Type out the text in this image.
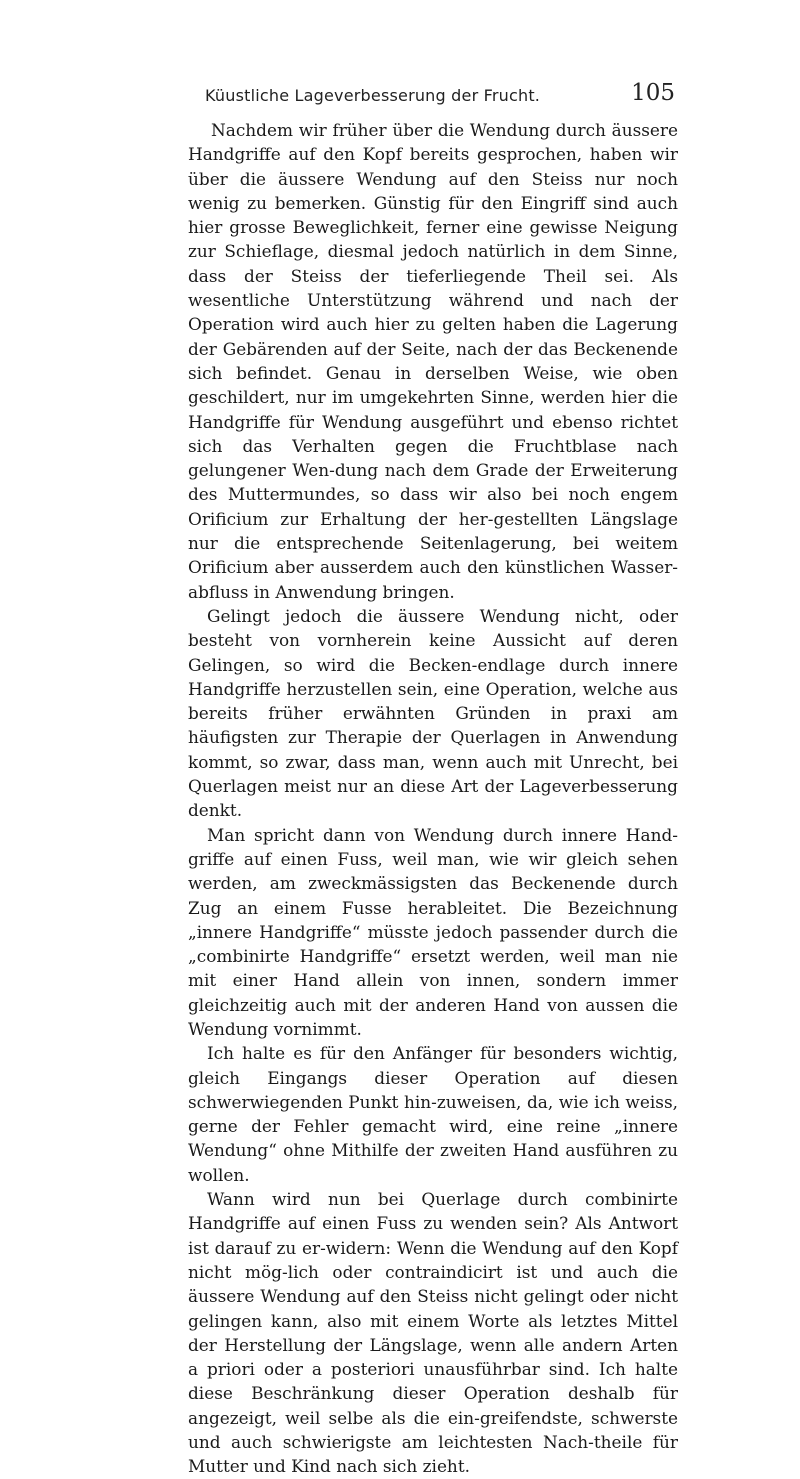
Küustliche Lageverbesserung der Frucht.	105

Nachdem wir früher über die Wendung durch äussere Handgriffe auf den Kopf bereits gesprochen, haben wir über die äussere Wendung auf den Steiss nur noch wenig zu bemerken. Günstig für den Eingriff sind auch hier grosse Beweglichkeit, ferner eine gewisse Neigung zur Schieflage, diesmal jedoch natürlich in dem Sinne, dass der Steiss der tieferliegende Theil sei. Als wesentliche Unterstützung während und nach der Operation wird auch hier zu gelten haben die Lagerung der Gebärenden auf der Seite, nach der das Beckenende sich befindet. Genau in derselben Weise, wie oben geschildert, nur im umgekehrten Sinne, werden hier die Handgriffe für Wendung ausgeführt und ebenso richtet sich das Verhalten gegen die Fruchtblase nach gelungener Wen-dung nach dem Grade der Erweiterung des Muttermundes, so dass wir also bei noch engem Orificium zur Erhaltung der her-gestellten Längslage nur die entsprechende Seitenlagerung, bei weitem Orificium aber ausserdem auch den künstlichen Wasser-abfluss in Anwendung bringen.

Gelingt jedoch die äussere Wendung nicht, oder besteht von vornherein keine Aussicht auf deren Gelingen, so wird die Becken-endlage durch innere Handgriffe herzustellen sein, eine Operation, welche aus bereits früher erwähnten Gründen in praxi am häufigsten zur Therapie der Querlagen in Anwendung kommt, so zwar, dass man, wenn auch mit Unrecht, bei Querlagen meist nur an diese Art der Lageverbesserung denkt.

Man spricht dann von Wendung durch innere Hand-griffe auf einen Fuss, weil man, wie wir gleich sehen werden, am zweckmässigsten das Beckenende durch Zug an einem Fusse herableitet. Die Bezeichnung „innere Handgriffe“ müsste jedoch passender durch die „combinirte Handgriffe“ ersetzt werden, weil man nie mit einer Hand allein von innen, sondern immer gleichzeitig auch mit der anderen Hand von aussen die Wendung vornimmt.

Ich halte es für den Anfänger für besonders wichtig, gleich Eingangs dieser Operation auf diesen schwerwiegenden Punkt hin-zuweisen, da, wie ich weiss, gerne der Fehler gemacht wird, eine reine „innere Wendung“ ohne Mithilfe der zweiten Hand ausführen zu wollen.

Wann wird nun bei Querlage durch combinirte Handgriffe auf einen Fuss zu wenden sein? Als Antwort ist darauf zu er-widern: Wenn die Wendung auf den Kopf nicht mög-lich oder contraindicirt ist und auch die äussere Wendung auf den Steiss nicht gelingt oder nicht gelingen kann, also mit einem Worte als letztes Mittel der Herstellung der Längslage, wenn alle andern Arten a priori oder a posteriori unausführbar sind. Ich halte diese Beschränkung dieser Operation deshalb für angezeigt, weil selbe als die ein-greifendste, schwerste und auch schwierigste am leichtesten Nach-theile für Mutter und Kind nach sich zieht.
